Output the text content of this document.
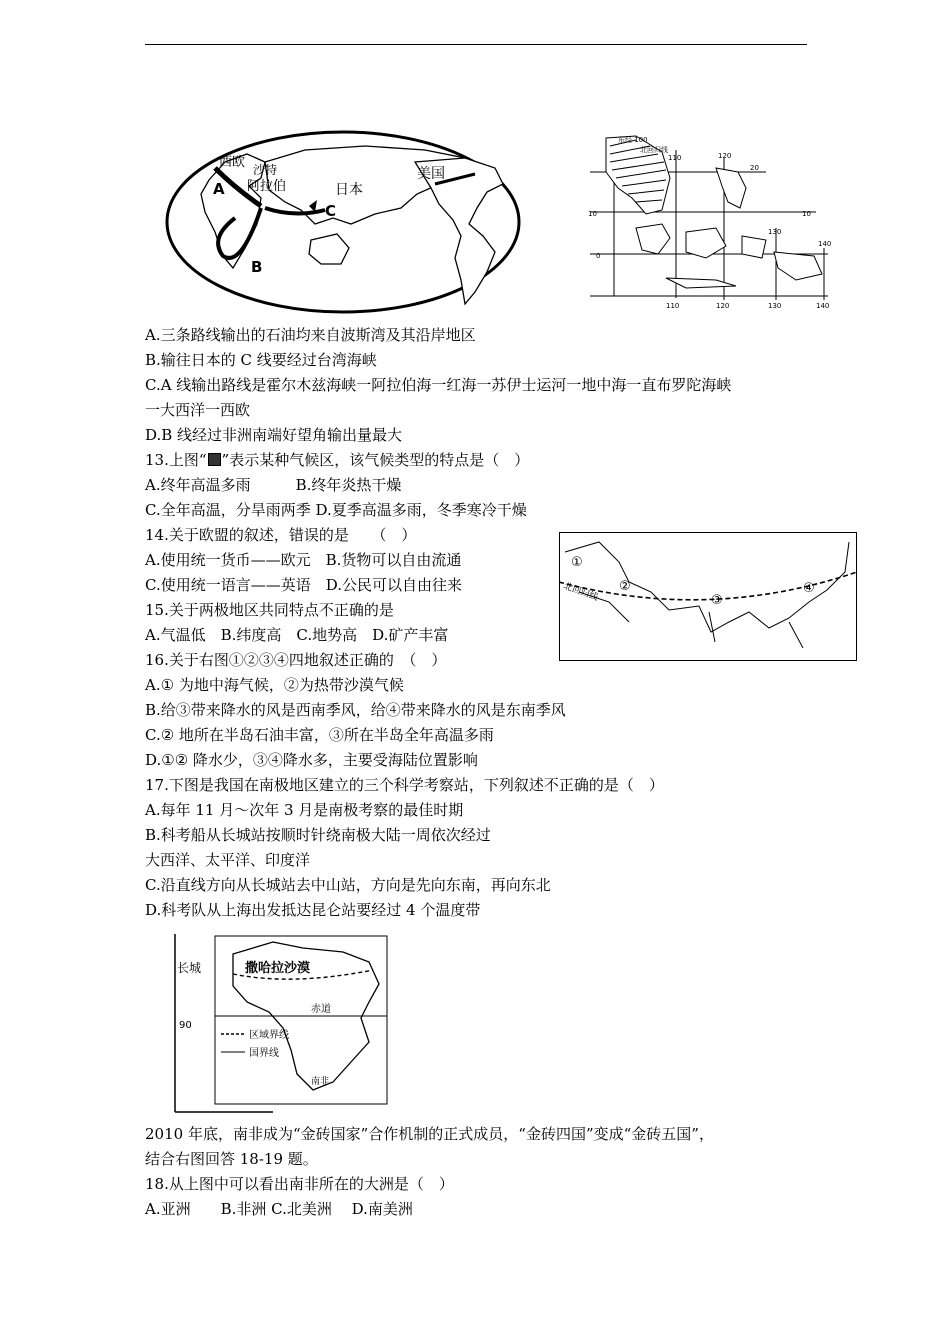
西欧 沙特
阿拉伯	日本
美国
A
B
C
东经 100
北回归线
110	120
20
10
0
130
140
10
110	120	130	140
①
②
③
④
北回归线
长城
90
撒哈拉沙漠
赤道
区域界线
国界线
南非
A.三条路线输出的石油均来自波斯湾及其沿岸地区
B.输往日本的 C 线要经过台湾海峡
C.A 线输出路线是霍尔木兹海峡一阿拉伯海一红海一苏伊士运河一地中海一直布罗陀海峡
一大西洋一西欧
D.B 线经过非洲南端好望角输出量最大
13.上图“ ”表示某种气候区，该气候类型的特点是（　）
A.终年高温多雨　　　B.终年炎热干燥
C.全年高温，分旱雨两季 D.夏季高温多雨，冬季寒冷干燥
14.关于欧盟的叙述，错误的是　　（　）
A.使用统一货币——欧元　B.货物可以自由流通
C.使用统一语言——英语　D.公民可以自由往来
15.关于两极地区共同特点不正确的是
A.气温低　B.纬度高　C.地势高　D.矿产丰富
16.关于右图①②③④四地叙述正确的　（　）
A.① 为地中海气候，②为热带沙漠气候
B.给③带来降水的风是西南季风，给④带来降水的风是东南季风
C.② 地所在半岛石油丰富，③所在半岛全年高温多雨
D.①② 降水少，③④降水多，主要受海陆位置影响
17.下图是我国在南极地区建立的三个科学考察站，下列叙述不正确的是（　）
A.每年 11 月～次年 3 月是南极考察的最佳时期
B.科考船从长城站按顺时针绕南极大陆一周依次经过
大西洋、太平洋、印度洋
C.沿直线方向从长城站去中山站，方向是先向东南，再向东北
D.科考队从上海出发抵达昆仑站要经过 4 个温度带
2010 年底，南非成为“金砖国家”合作机制的正式成员，“金砖四国”变成“金砖五国”，
结合右图回答 18-19 题。
18.从上图中可以看出南非所在的大洲是（　）
A.亚洲　　B.非洲 C.北美洲　 D.南美洲
